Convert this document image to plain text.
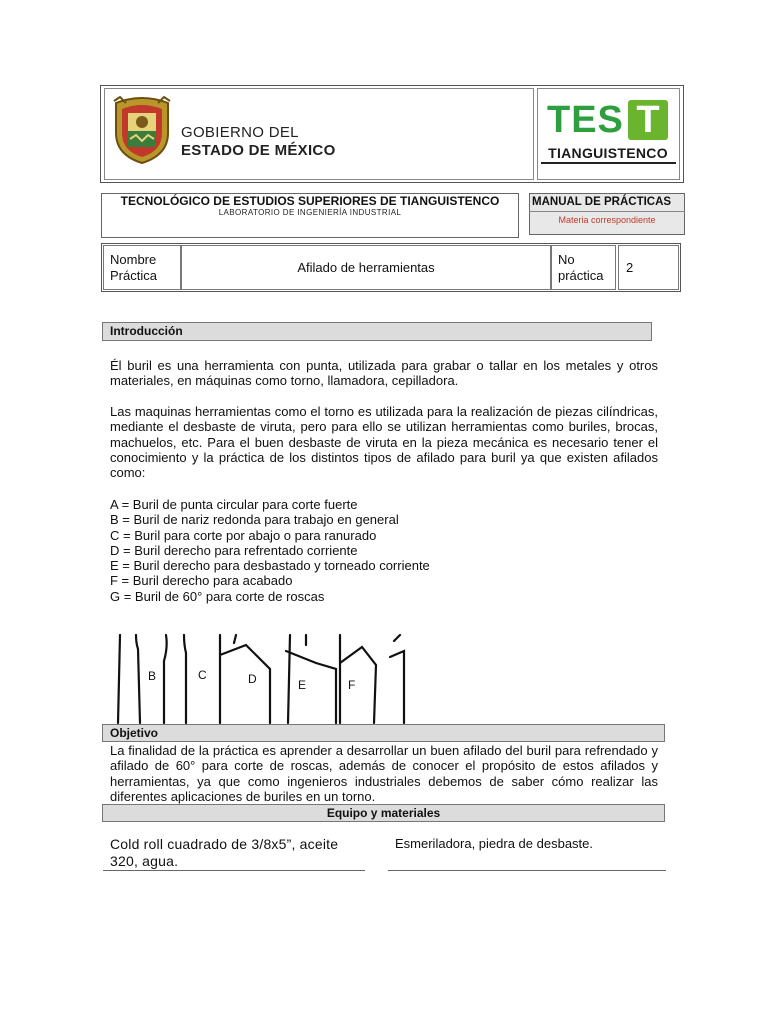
GOBIERNO DEL
ESTADO DE MÉXICO
TES T
TIANGUISTENCO
TECNOLÓGICO DE ESTUDIOS SUPERIORES DE TIANGUISTENCO
LABORATORIO DE INGENIERÍA INDUSTRIAL
MANUAL DE PRÁCTICAS
Materia correspondiente
Nombre
Práctica
Afilado de herramientas
No
práctica
2
Introducción
Él buril es una herramienta con punta, utilizada para grabar o tallar en los metales y otros materiales, en máquinas como torno, llamadora, cepilladora.
Las maquinas herramientas como el torno es utilizada para la realización de piezas cilíndricas, mediante el desbaste de viruta, pero para ello se utilizan herramientas como buriles, brocas, machuelos, etc. Para el buen desbaste de viruta en la pieza mecánica es necesario tener el conocimiento y la práctica de los distintos tipos de afilado para buril ya que existen afilados como:
A = Buril de punta circular para corte fuerte
B = Buril de nariz redonda para trabajo en general
C = Buril para corte por abajo o para ranurado
D = Buril derecho para refrentado corriente
E = Buril derecho para desbastado y torneado corriente
F = Buril derecho para acabado
G = Buril de 60° para corte de roscas
B	C	D	E	F
Objetivo
La finalidad de la práctica es aprender a desarrollar un buen afilado del buril para refrendado y afilado de 60° para corte de roscas, además de conocer el propósito de estos afilados y herramientas, ya que como ingenieros industriales debemos de saber cómo realizar las diferentes aplicaciones de buriles en un torno.
Equipo y materiales
Cold roll cuadrado de 3/8x5”, aceite 320, agua.
Esmeriladora, piedra de desbaste.
